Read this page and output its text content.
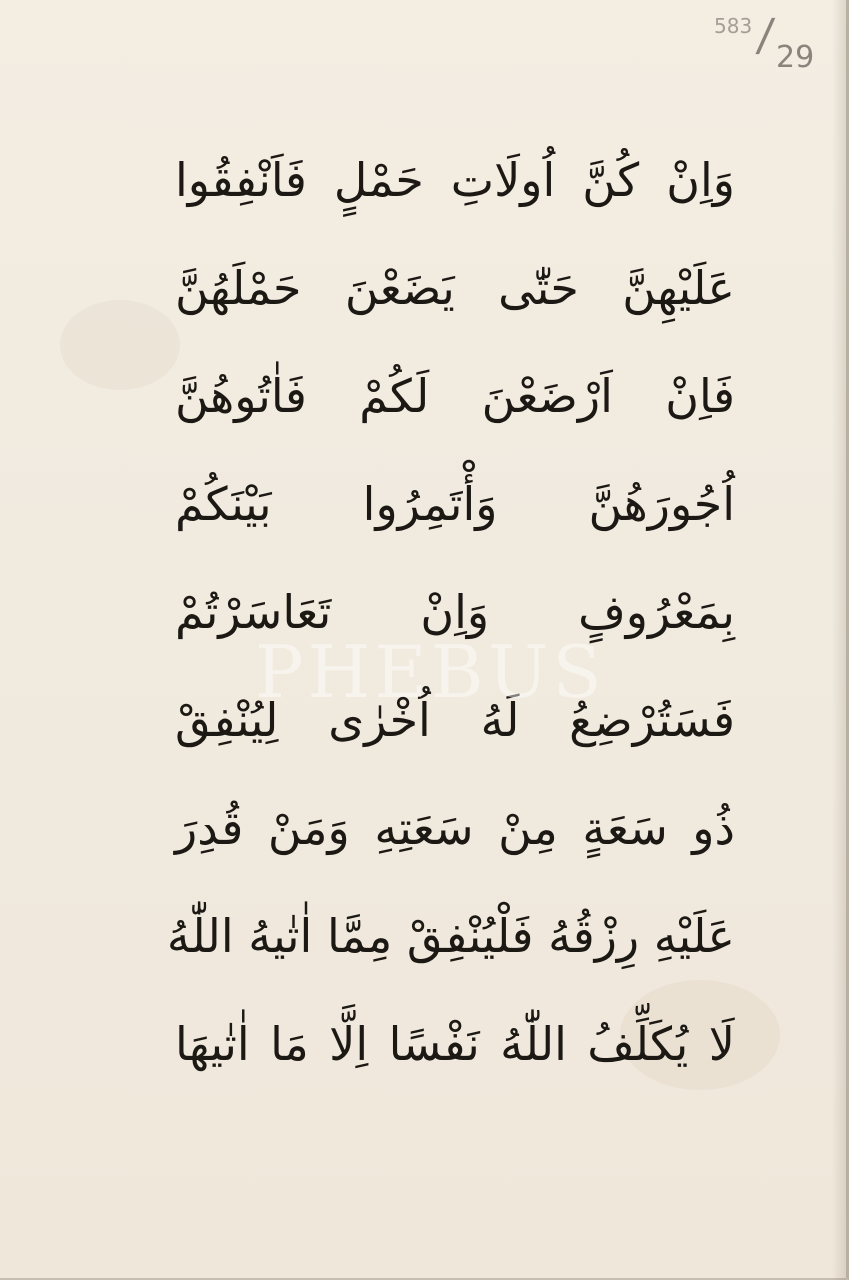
583 / 29
وَاِنْ كُنَّ اُولَاتِ حَمْلٍ فَاَنْفِقُوا
عَلَيْهِنَّ حَتّٰى يَضَعْنَ حَمْلَهُنَّ
فَاِنْ اَرْضَعْنَ لَكُمْ فَاٰتُوهُنَّ
اُجُورَهُنَّ وَأْتَمِرُوا بَيْنَكُمْ
بِمَعْرُوفٍ وَاِنْ تَعَاسَرْتُمْ
فَسَتُرْضِعُ لَهُ اُخْرٰى لِيُنْفِقْ
ذُو سَعَةٍ مِنْ سَعَتِهِ وَمَنْ قُدِرَ
عَلَيْهِ رِزْقُهُ فَلْيُنْفِقْ مِمَّا اٰتٰيهُ اللّٰهُ
لَا يُكَلِّفُ اللّٰهُ نَفْسًا اِلَّا مَا اٰتٰيهَا
PHEBUS
